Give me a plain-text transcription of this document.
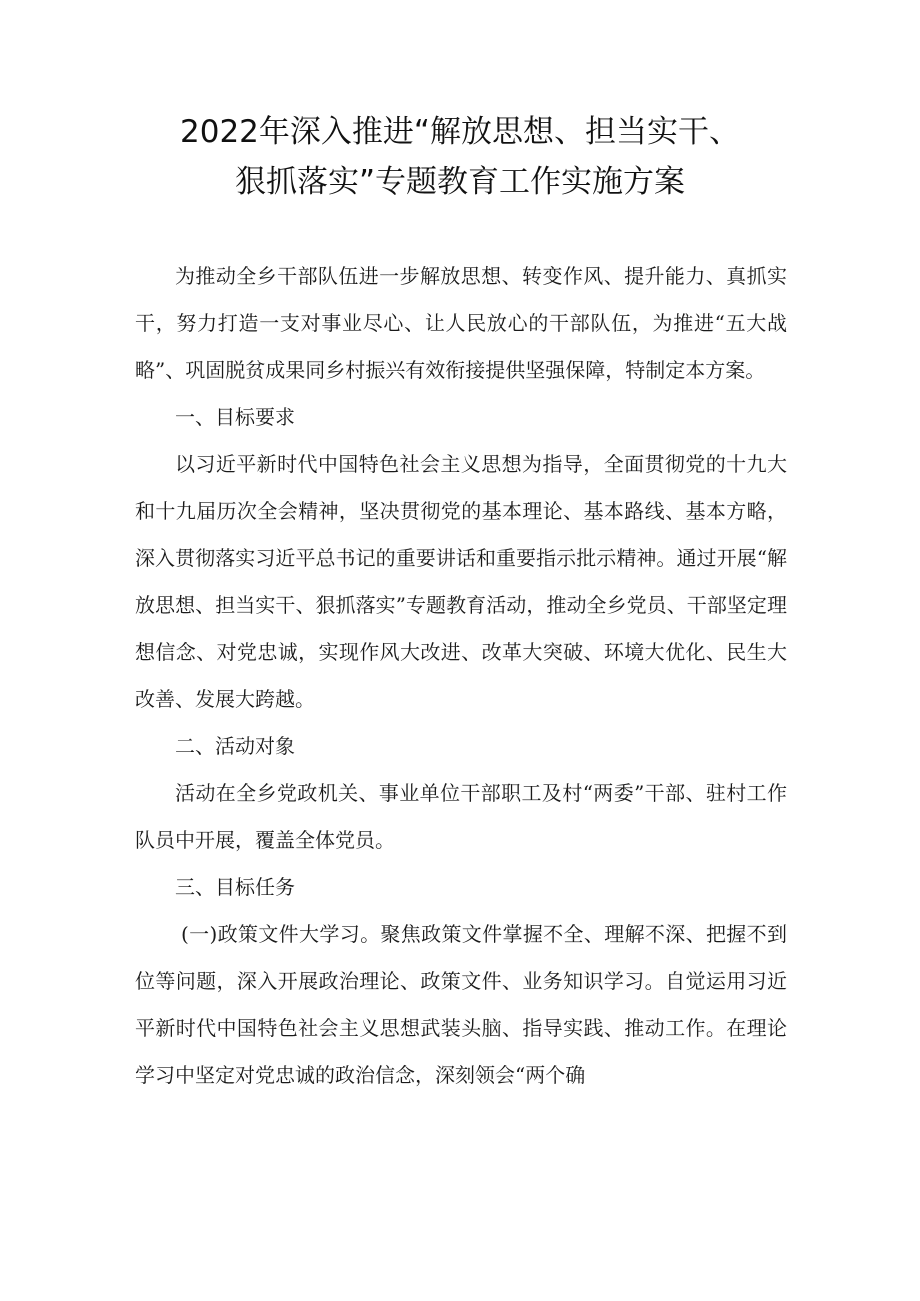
2022年深入推进“解放思想、担当实干、
狠抓落实”专题教育工作实施方案

为推动全乡干部队伍进一步解放思想、转变作风、提升能力、真抓实干，努力打造一支对事业尽心、让人民放心的干部队伍，为推进“五大战略”、巩固脱贫成果同乡村振兴有效衔接提供坚强保障，特制定本方案。

一、目标要求

以习近平新时代中国特色社会主义思想为指导，全面贯彻党的十九大和十九届历次全会精神，坚决贯彻党的基本理论、基本路线、基本方略，深入贯彻落实习近平总书记的重要讲话和重要指示批示精神。通过开展“解放思想、担当实干、狠抓落实”专题教育活动，推动全乡党员、干部坚定理想信念、对党忠诚，实现作风大改进、改革大突破、环境大优化、民生大改善、发展大跨越。

二、活动对象

活动在全乡党政机关、事业单位干部职工及村“两委”干部、驻村工作队员中开展，覆盖全体党员。

三、目标任务

(一)政策文件大学习。聚焦政策文件掌握不全、理解不深、把握不到位等问题，深入开展政治理论、政策文件、业务知识学习。自觉运用习近平新时代中国特色社会主义思想武装头脑、指导实践、推动工作。在理论学习中坚定对党忠诚的政治信念，深刻领会“两个确
